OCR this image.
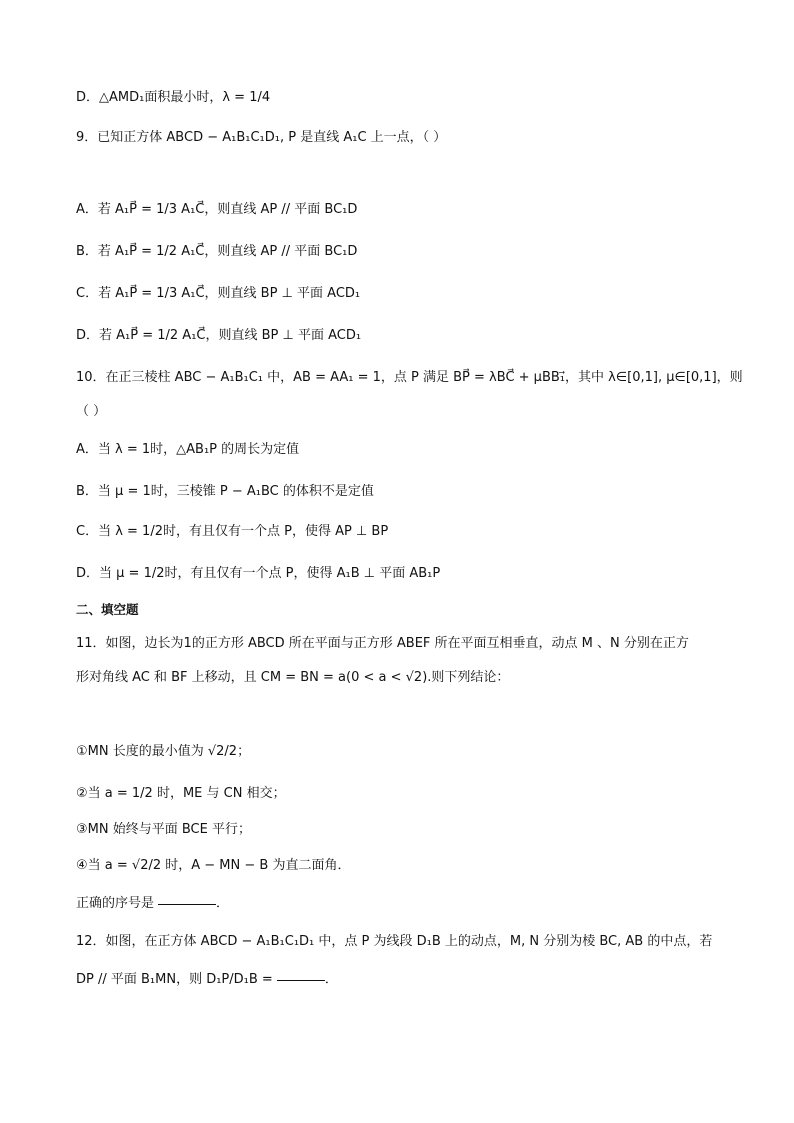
D．△AMD₁面积最小时，λ = 1/4
9．已知正方体 ABCD − A₁B₁C₁D₁, P 是直线 A₁C 上一点，（ ）
A．若 A₁P⃗ = 1/3 A₁C⃗，则直线 AP // 平面 BC₁D
B．若 A₁P⃗ = 1/2 A₁C⃗，则直线 AP // 平面 BC₁D
C．若 A₁P⃗ = 1/3 A₁C⃗，则直线 BP ⊥ 平面 ACD₁
D．若 A₁P⃗ = 1/2 A₁C⃗，则直线 BP ⊥ 平面 ACD₁
10．在正三棱柱 ABC − A₁B₁C₁ 中，AB = AA₁ = 1，点 P 满足 BP⃗ = λBC⃗ + μBB₁⃗，其中 λ∈[0,1], μ∈[0,1]，则
（ ）
A．当 λ = 1时，△AB₁P 的周长为定值
B．当 μ = 1时，三棱锥 P − A₁BC 的体积不是定值
C．当 λ = 1/2时，有且仅有一个点 P，使得 AP ⊥ BP
D．当 μ = 1/2时，有且仅有一个点 P，使得 A₁B ⊥ 平面 AB₁P
二、填空题
11．如图，边长为1的正方形 ABCD 所在平面与正方形 ABEF 所在平面互相垂直，动点 M 、N 分别在正方
形对角线 AC 和 BF 上移动，且 CM = BN = a(0 < a < √2).则下列结论：
①MN 长度的最小值为 √2/2；
②当 a = 1/2 时，ME 与 CN 相交；
③MN 始终与平面 BCE 平行；
④当 a = √2/2 时，A − MN − B 为直二面角．
正确的序号是	．
12．如图，在正方体 ABCD − A₁B₁C₁D₁ 中，点 P 为线段 D₁B 上的动点，M, N 分别为棱 BC, AB 的中点，若
DP // 平面 B₁MN，则 D₁P/D₁B =	．
